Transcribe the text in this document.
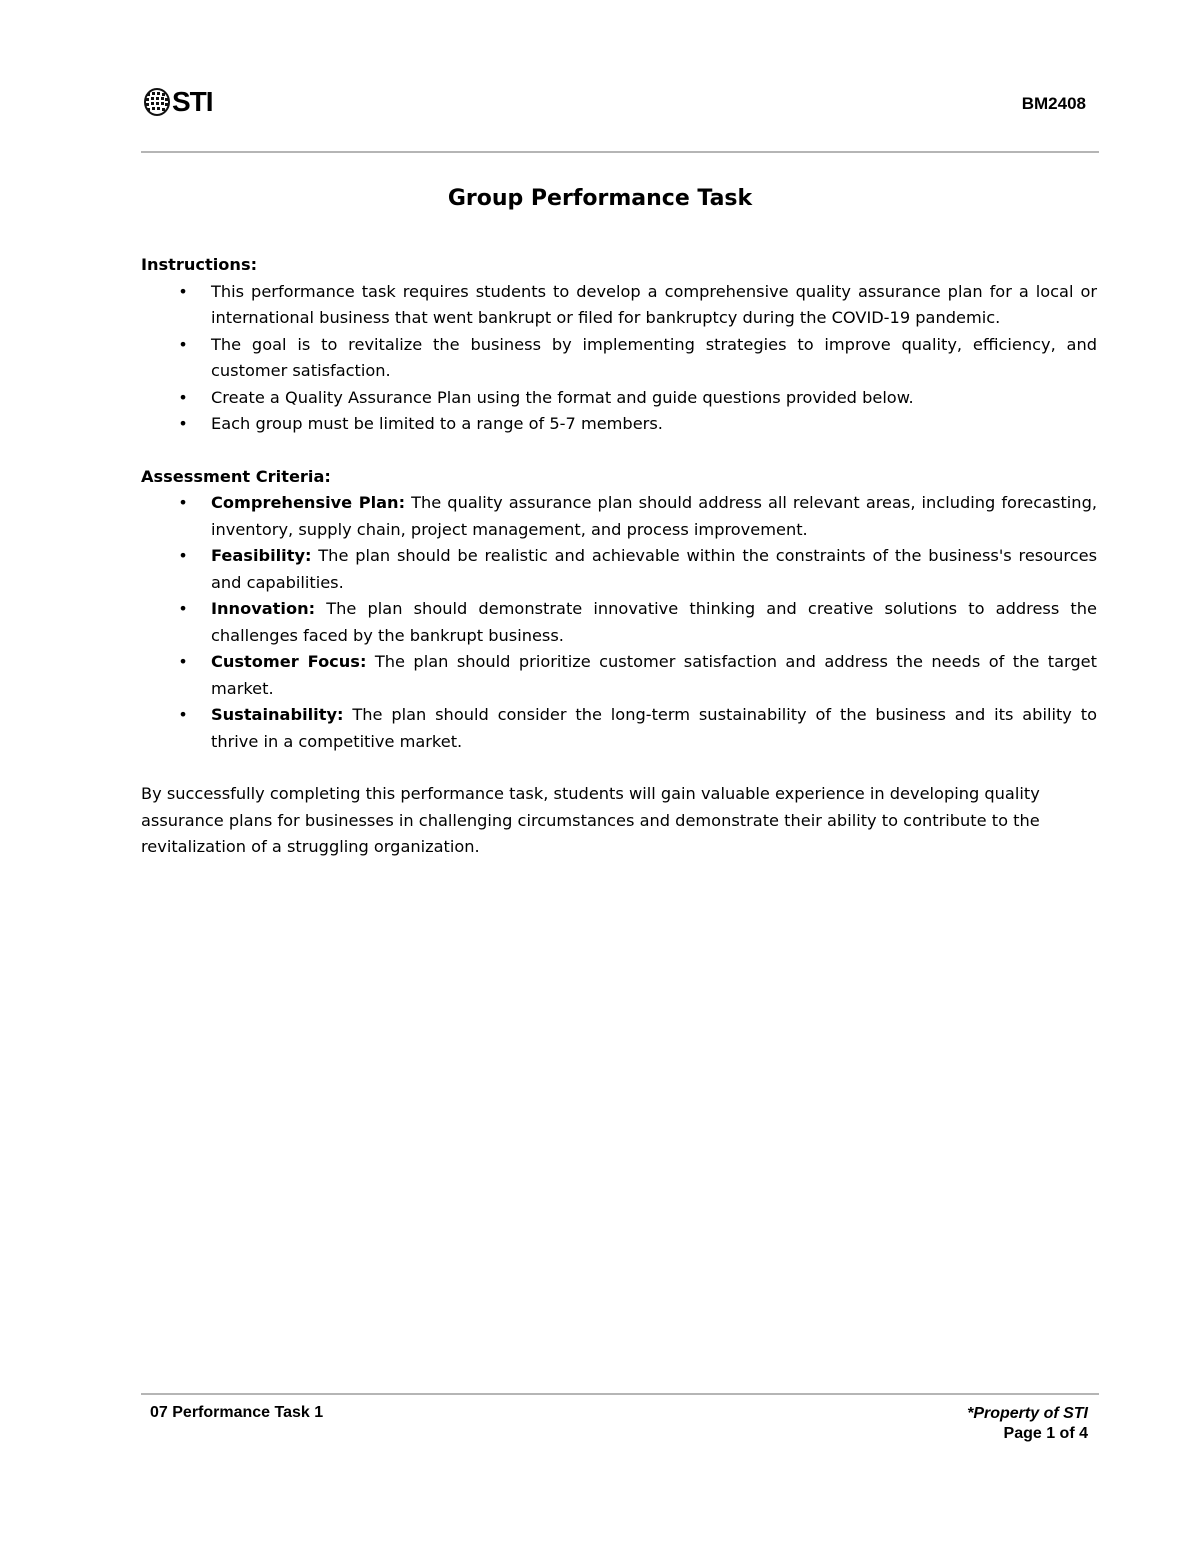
STI	BM2408
Group Performance Task

Instructions:

• This performance task requires students to develop a comprehensive quality assurance plan for a local or international business that went bankrupt or filed for bankruptcy during the COVID-19 pandemic.
• The goal is to revitalize the business by implementing strategies to improve quality, efficiency, and customer satisfaction.
• Create a Quality Assurance Plan using the format and guide questions provided below.
• Each group must be limited to a range of 5-7 members.

Assessment Criteria:

• Comprehensive Plan: The quality assurance plan should address all relevant areas, including forecasting, inventory, supply chain, project management, and process improvement.
• Feasibility: The plan should be realistic and achievable within the constraints of the business's resources and capabilities.
• Innovation: The plan should demonstrate innovative thinking and creative solutions to address the challenges faced by the bankrupt business.
• Customer Focus: The plan should prioritize customer satisfaction and address the needs of the target market.
• Sustainability: The plan should consider the long-term sustainability of the business and its ability to thrive in a competitive market.

By successfully completing this performance task, students will gain valuable experience in developing quality assurance plans for businesses in challenging circumstances and demonstrate their ability to contribute to the revitalization of a struggling organization.

07 Performance Task 1	*Property of STI
Page 1 of 4
